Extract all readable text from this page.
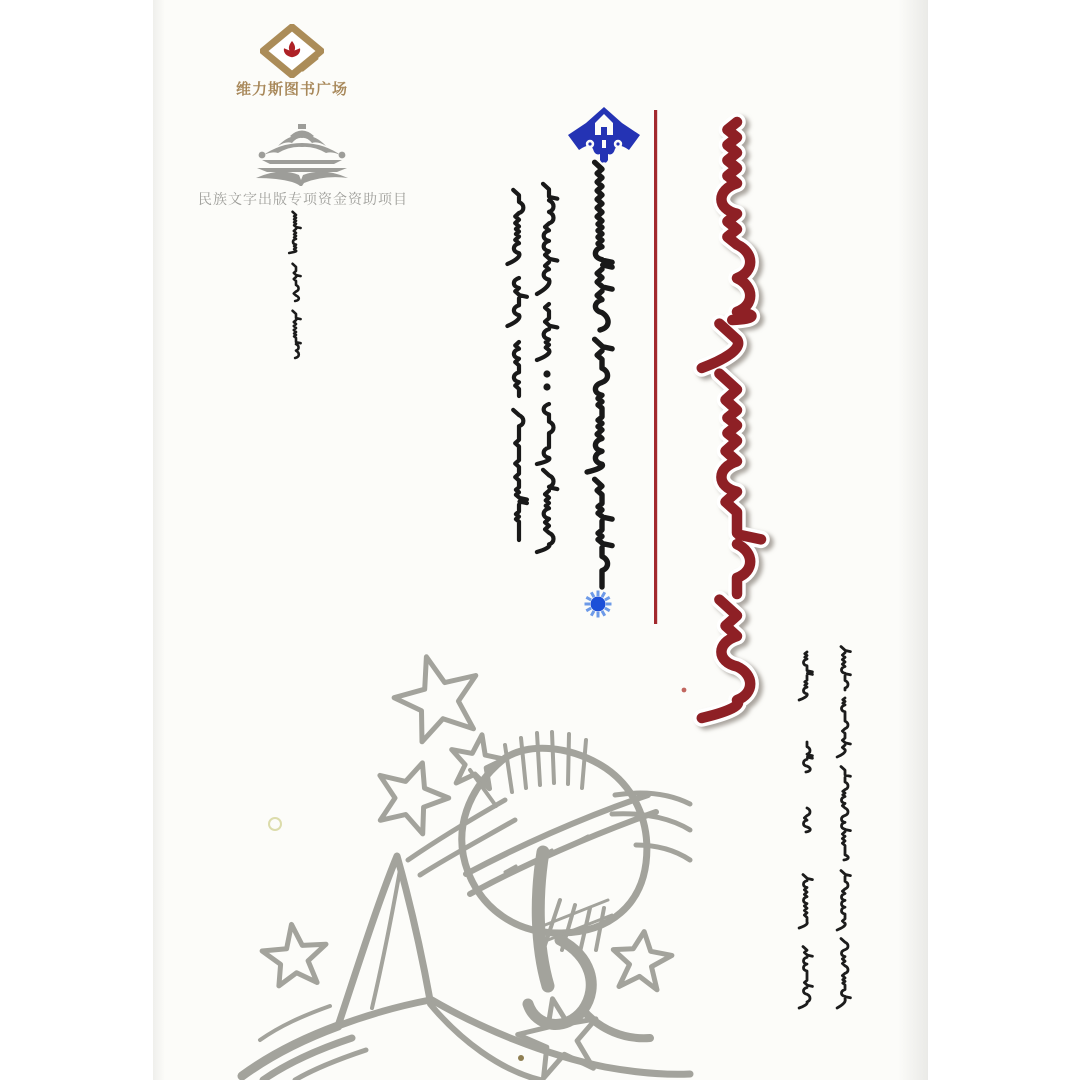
维力斯图书广场
民族文字出版专项资金资助项目
